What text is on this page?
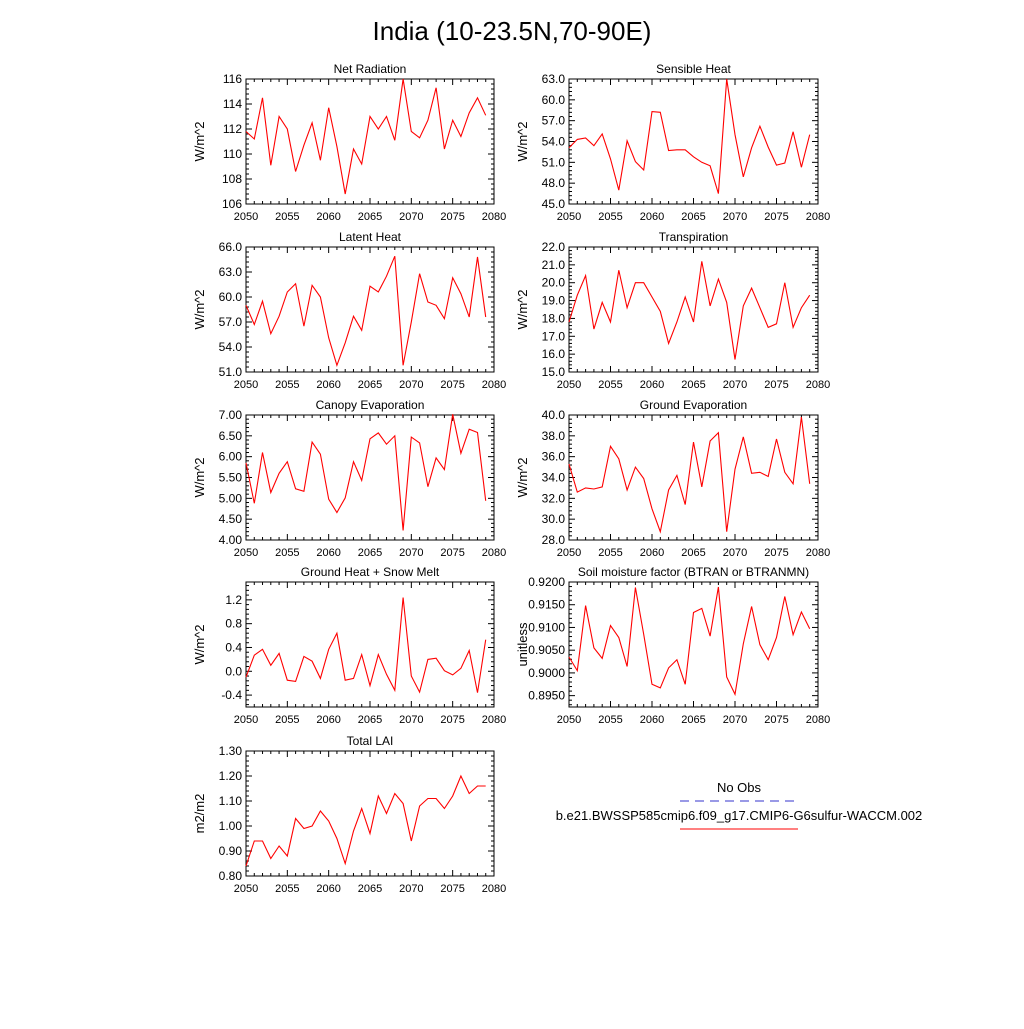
India (10-23.5N,70-90E)
Net Radiation
2050 2055 2060 2065 2070 2075 2080
106
108
110
112
114
116
W/m^2
Sensible Heat
2050 2055 2060 2065 2070 2075 2080
45.0
48.0
51.0
54.0
57.0
60.0
63.0
W/m^2
Latent Heat
2050 2055 2060 2065 2070 2075 2080
51.0
54.0
57.0
60.0
63.0
66.0
W/m^2
Transpiration
2050 2055 2060 2065 2070 2075 2080
15.0
16.0
17.0
18.0
19.0
20.0
21.0
22.0
W/m^2
Canopy Evaporation
2050 2055 2060 2065 2070 2075 2080
4.00
4.50
5.00
5.50
6.00
6.50
7.00
W/m^2
Ground Evaporation
2050 2055 2060 2065 2070 2075 2080
28.0
30.0
32.0
34.0
36.0
38.0
40.0
W/m^2
Ground Heat + Snow Melt
2050 2055 2060 2065 2070 2075 2080
-0.4
0.0
0.4
0.8
1.2
W/m^2
Soil moisture factor (BTRAN or BTRANMN)
2050 2055 2060 2065 2070 2075 2080
0.8950
0.9000
0.9050
0.9100
0.9150
0.9200
unitless
Total LAI
2050 2055 2060 2065 2070 2075 2080
0.80
0.90
1.00
1.10
1.20
1.30
m2/m2
No Obs
b.e21.BWSSP585cmip6.f09_g17.CMIP6-G6sulfur-WACCM.002
